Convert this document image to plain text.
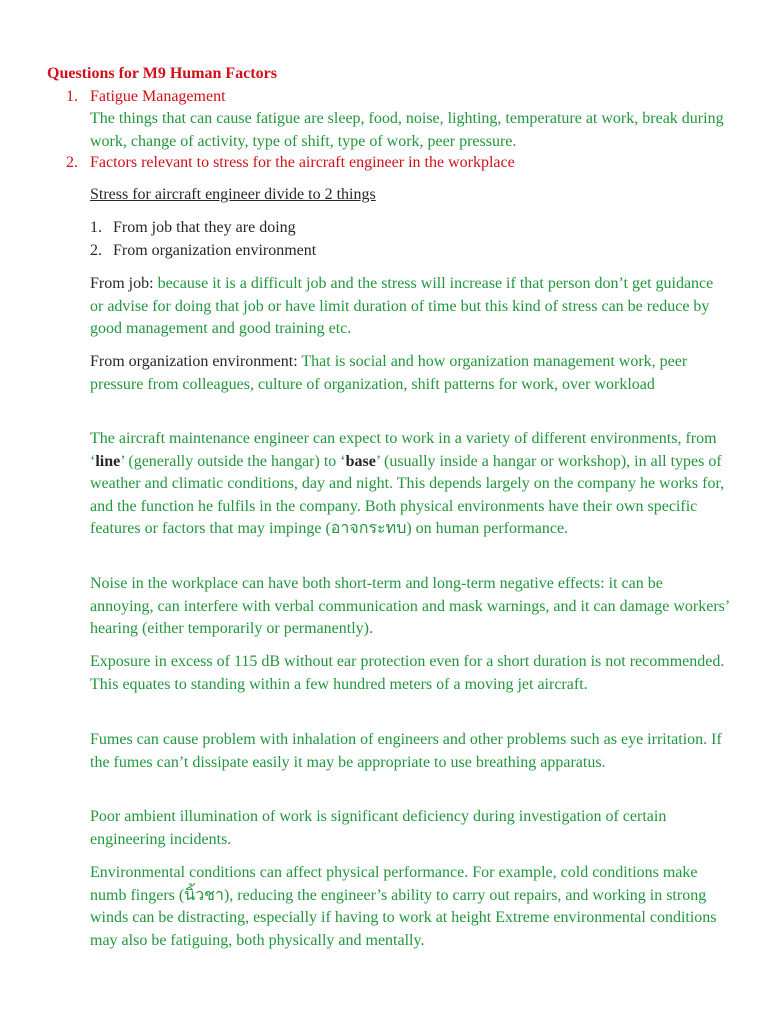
Questions for M9 Human Factors
1. Fatigue Management
The things that can cause fatigue are sleep, food, noise, lighting, temperature at work, break during work, change of activity, type of shift, type of work, peer pressure.
2. Factors relevant to stress for the aircraft engineer in the workplace
Stress for aircraft engineer divide to 2 things
1. From job that they are doing
2. From organization environment
From job: because it is a difficult job and the stress will increase if that person don’t get guidance or advise for doing that job or have limit duration of time but this kind of stress can be reduce by good management and good training etc.
From organization environment: That is social and how organization management work, peer pressure from colleagues, culture of organization, shift patterns for work, over workload
The aircraft maintenance engineer can expect to work in a variety of different environments, from ‘line’ (generally outside the hangar) to ‘base’ (usually inside a hangar or workshop), in all types of weather and climatic conditions, day and night. This depends largely on the company he works for, and the function he fulfils in the company. Both physical environments have their own specific features or factors that may impinge (อาจกระทบ) on human performance.
Noise in the workplace can have both short-term and long-term negative effects: it can be annoying, can interfere with verbal communication and mask warnings, and it can damage workers’ hearing (either temporarily or permanently).
Exposure in excess of 115 dB without ear protection even for a short duration is not recommended. This equates to standing within a few hundred meters of a moving jet aircraft.
Fumes can cause problem with inhalation of engineers and other problems such as eye irritation. If the fumes can’t dissipate easily it may be appropriate to use breathing apparatus.
Poor ambient illumination of work is significant deficiency during investigation of certain engineering incidents.
Environmental conditions can affect physical performance. For example, cold conditions make numb fingers (นิ้วชา), reducing the engineer’s ability to carry out repairs, and working in strong winds can be distracting, especially if having to work at height Extreme environmental conditions may also be fatiguing, both physically and mentally.
